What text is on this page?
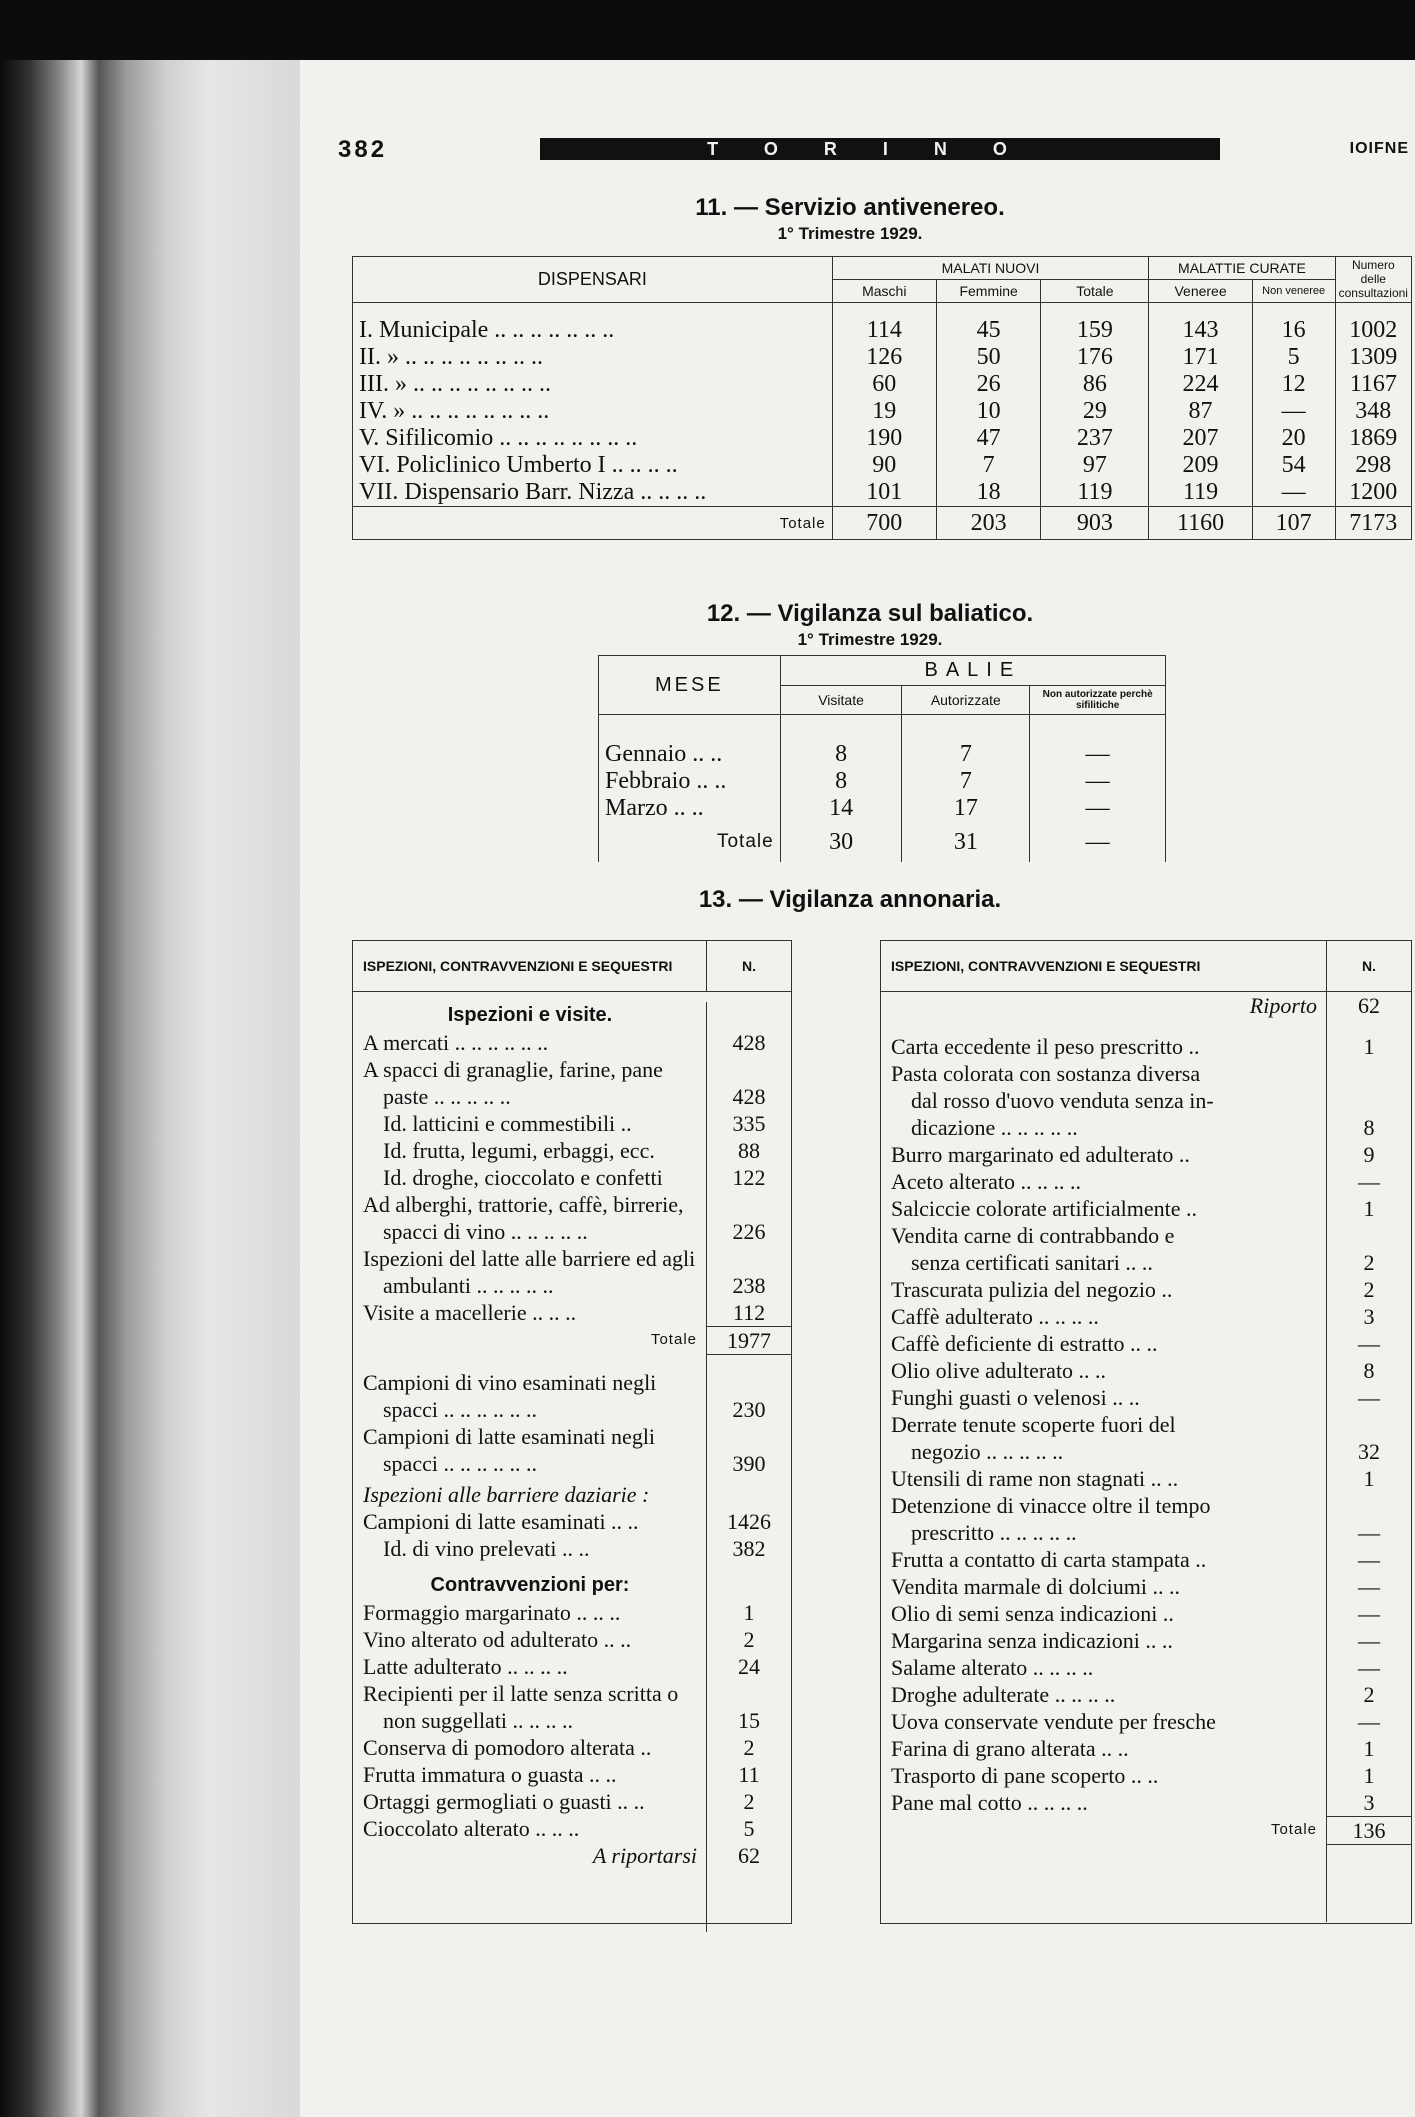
382	TORINO	IOIFNE
11. — Servizio antivenereo.
1° Trimestre 1929.
DISPENSARI	MALATI NUOVI			MALATTIE CURATE		Numero delle consultazioni
	Maschi	Femmine	Totale	Veneree	Non veneree	
I. Municipale .. .. .. .. .. .. ..	114	45	159	143	16	1002
II. » .. .. .. .. .. .. .. ..	126	50	176	171	5	1309
III. » .. .. .. .. .. .. .. ..	60	26	86	224	12	1167
IV. » .. .. .. .. .. .. .. ..	19	10	29	87	—	348
V. Sifilicomio .. .. .. .. .. .. .. ..	190	47	237	207	20	1869
VI. Policlinico Umberto I .. .. .. ..	90	7	97	209	54	298
VII. Dispensario Barr. Nizza .. .. .. ..	101	18	119	119	—	1200
Totale	700	203	903	1160	107	7173
12. — Vigilanza sul baliatico.
1° Trimestre 1929.
MESE	BALIE		
	Visitate	Autorizzate	Non autorizzate perchè sifilitiche
Gennaio .. ..	8	7	—
Febbraio .. ..	8	7	—
Marzo .. ..	14	17	—
Totale	30	31	—
13. — Vigilanza annonaria.
ISPEZIONI, CONTRAVVENZIONI E SEQUESTRI	N.
Ispezioni e visite.
A mercati .. .. .. .. .. ..	428
A spacci di granaglie, farine, pane
paste .. .. .. .. ..	428
Id. latticini e commestibili ..	335
Id. frutta, legumi, erbaggi, ecc.	88
Id. droghe, cioccolato e confetti	122
Ad alberghi, trattorie, caffè, birrerie,
spacci di vino .. .. .. .. ..	226
Ispezioni del latte alle barriere ed agli
ambulanti .. .. .. .. ..	238
Visite a macellerie .. .. ..	112
Totale	1977
Campioni di vino esaminati negli
spacci .. .. .. .. .. ..	230
Campioni di latte esaminati negli
spacci .. .. .. .. .. ..	390
Ispezioni alle barriere daziarie :
Campioni di latte esaminati .. ..	1426
Id. di vino prelevati .. ..	382
Contravvenzioni per:
Formaggio margarinato .. .. ..	1
Vino alterato od adulterato .. ..	2
Latte adulterato .. .. .. ..	24
Recipienti per il latte senza scritta o
non suggellati .. .. .. ..	15
Conserva di pomodoro alterata ..	2
Frutta immatura o guasta .. ..	11
Ortaggi germogliati o guasti .. ..	2
Cioccolato alterato .. .. ..	5
A riportarsi	62
ISPEZIONI, CONTRAVVENZIONI E SEQUESTRI	N.
Riporto	62
Carta eccedente il peso prescritto ..	1
Pasta colorata con sostanza diversa
dal rosso d'uovo venduta senza in-
dicazione .. .. .. .. ..	8
Burro margarinato ed adulterato ..	9
Aceto alterato .. .. .. ..	—
Salciccie colorate artificialmente ..	1
Vendita carne di contrabbando e
senza certificati sanitari .. ..	2
Trascurata pulizia del negozio ..	2
Caffè adulterato .. .. .. ..	3
Caffè deficiente di estratto .. ..	—
Olio olive adulterato .. ..	8
Funghi guasti o velenosi .. ..	—
Derrate tenute scoperte fuori del
negozio .. .. .. .. ..	32
Utensili di rame non stagnati .. ..	1
Detenzione di vinacce oltre il tempo
prescritto .. .. .. .. ..	—
Frutta a contatto di carta stampata ..	—
Vendita marmale di dolciumi .. ..	—
Olio di semi senza indicazioni ..	—
Margarina senza indicazioni .. ..	—
Salame alterato .. .. .. ..	—
Droghe adulterate .. .. .. ..	2
Uova conservate vendute per fresche	—
Farina di grano alterata .. ..	1
Trasporto di pane scoperto .. ..	1
Pane mal cotto .. .. .. ..	3
Totale	136
